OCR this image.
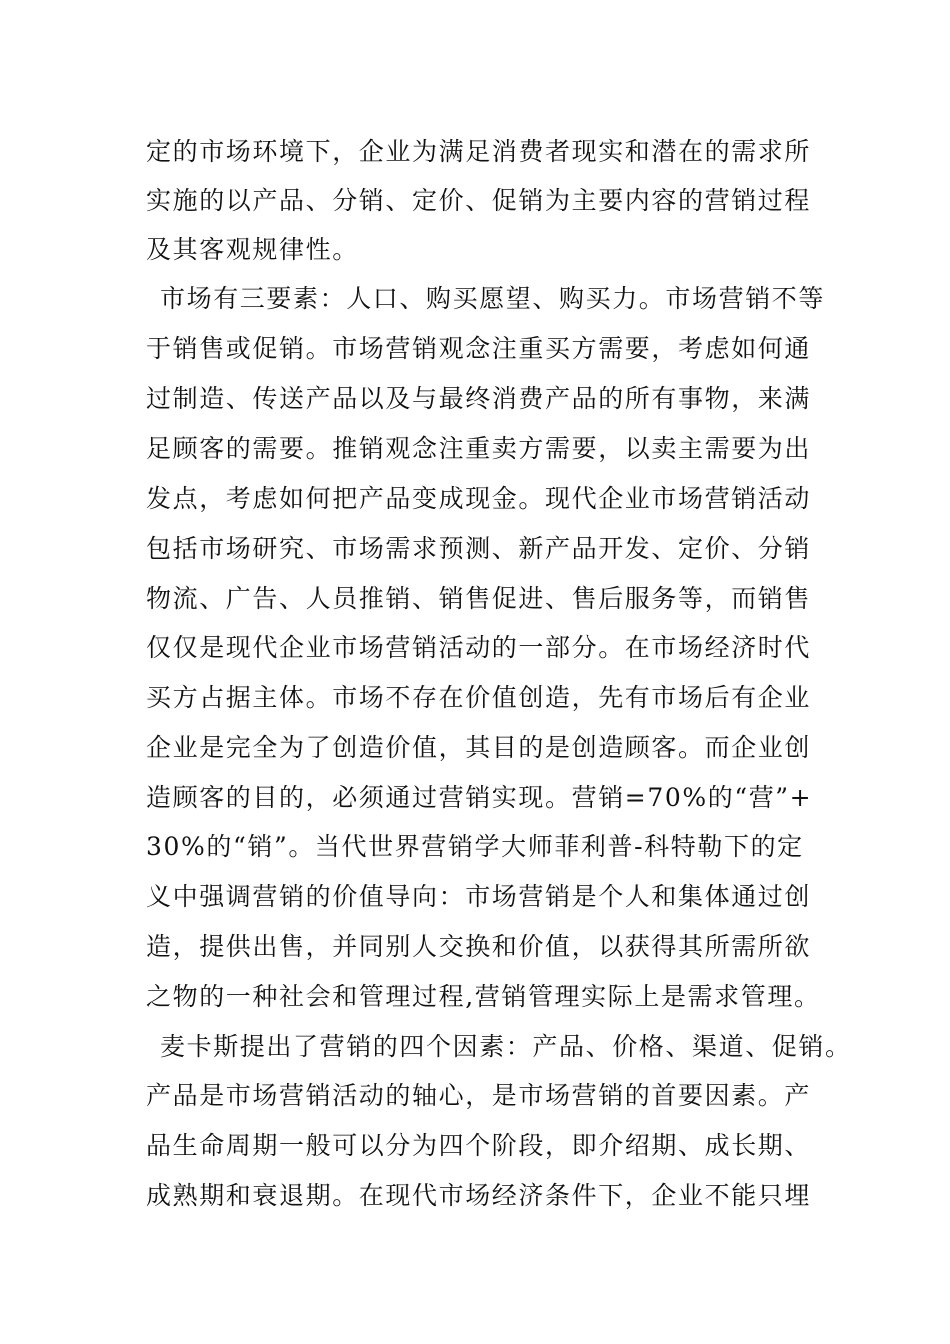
定的市场环境下，企业为满足消费者现实和潜在的需求所
实施的以产品、分销、定价、促销为主要内容的营销过程
及其客观规律性。
市场有三要素：人口、购买愿望、购买力。市场营销不等
于销售或促销。市场营销观念注重买方需要，考虑如何通
过制造、传送产品以及与最终消费产品的所有事物，来满
足顾客的需要。推销观念注重卖方需要，以卖主需要为出
发点，考虑如何把产品变成现金。现代企业市场营销活动
包括市场研究、市场需求预测、新产品开发、定价、分销
物流、广告、人员推销、销售促进、售后服务等，而销售
仅仅是现代企业市场营销活动的一部分。在市场经济时代
买方占据主体。市场不存在价值创造，先有市场后有企业
企业是完全为了创造价值，其目的是创造顾客。而企业创
造顾客的目的，必须通过营销实现。营销=70%的“营”+
30%的“销”。当代世界营销学大师菲利普-科特勒下的定
义中强调营销的价值导向：市场营销是个人和集体通过创
造，提供出售，并同别人交换和价值，以获得其所需所欲
之物的一种社会和管理过程,营销管理实际上是需求管理。
麦卡斯提出了营销的四个因素：产品、价格、渠道、促销。
产品是市场营销活动的轴心，是市场营销的首要因素。产
品生命周期一般可以分为四个阶段，即介绍期、成长期、
成熟期和衰退期。在现代市场经济条件下，企业不能只埋
